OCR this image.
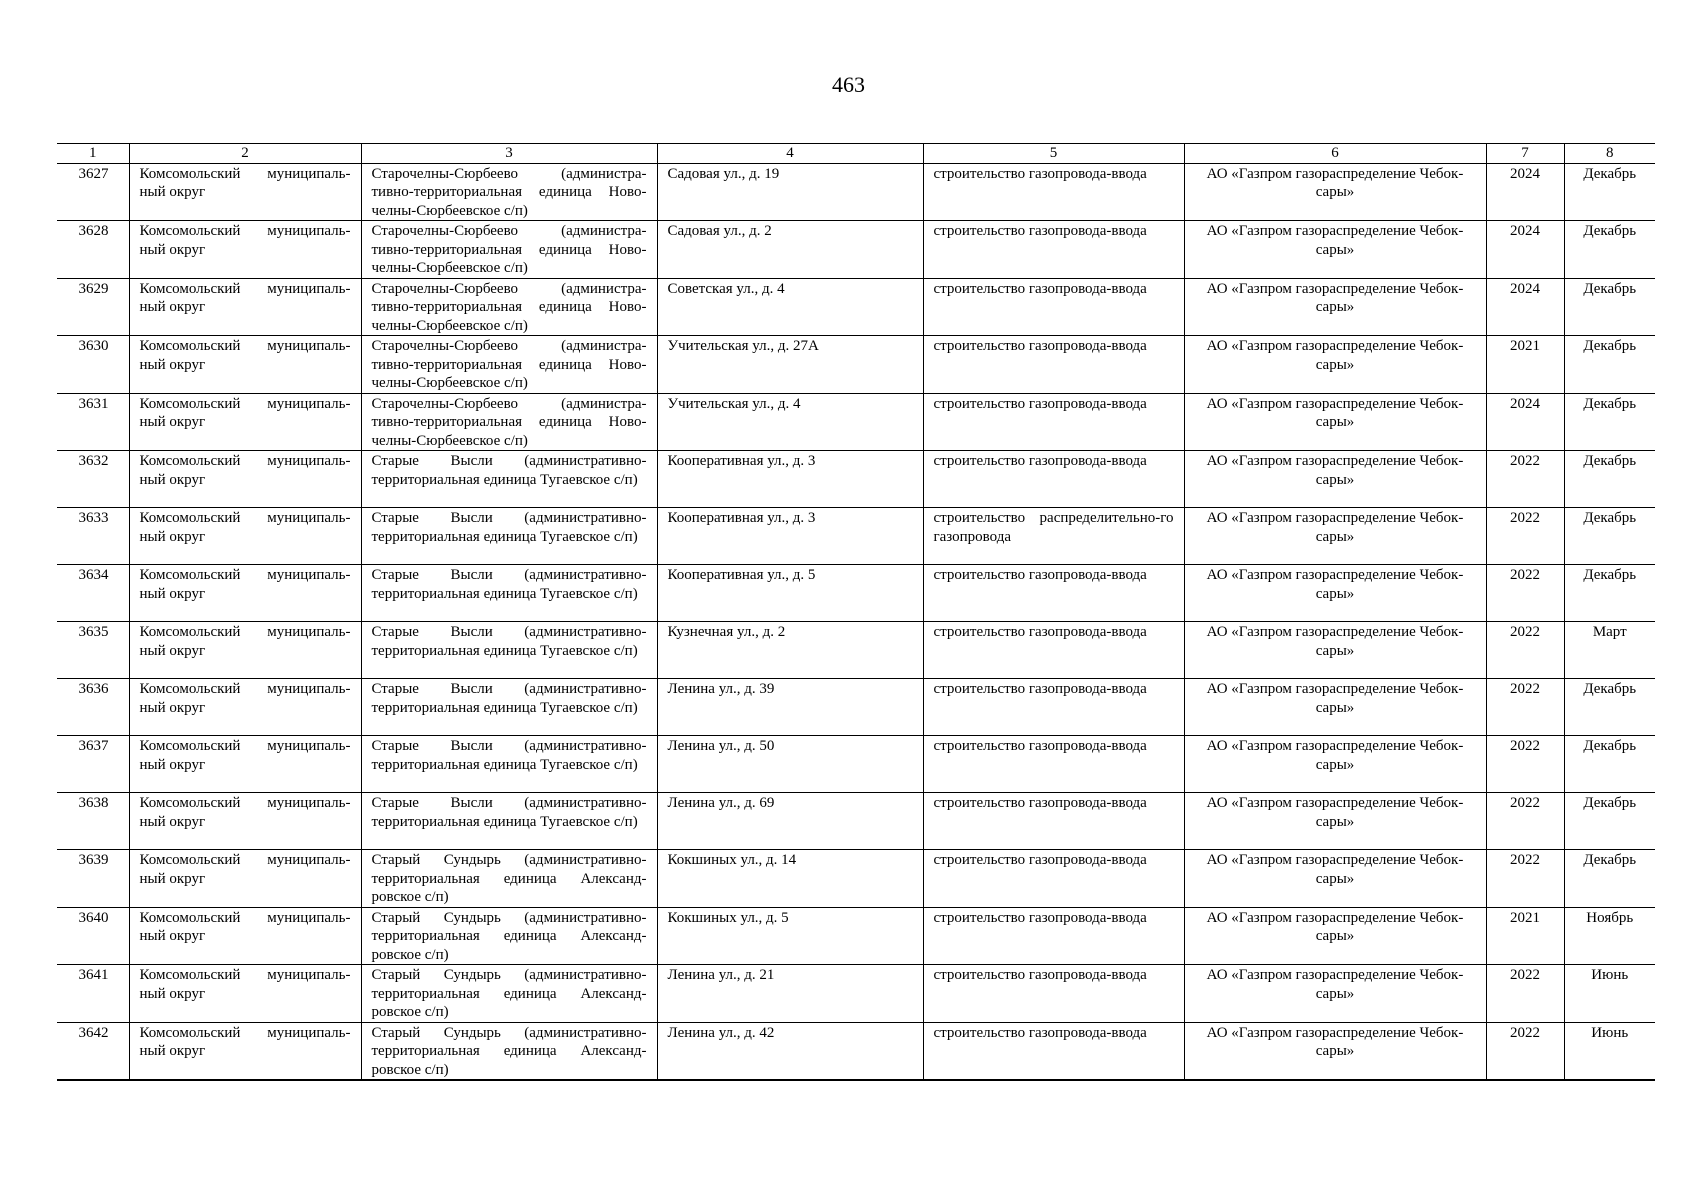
463
1	2	3	4	5	6	7	8
3627	Комсомольский муниципаль-ный округ	Старочелны-Сюрбеево (администра-тивно-территориальная единица Ново-челны-Сюрбеевское с/п)	Садовая ул., д. 19	строительство газопровода-ввода	АО «Газпром газораспределение Чебок-сары»	2024	Декабрь
3628	Комсомольский муниципаль-ный округ	Старочелны-Сюрбеево (администра-тивно-территориальная единица Ново-челны-Сюрбеевское с/п)	Садовая ул., д. 2	строительство газопровода-ввода	АО «Газпром газораспределение Чебок-сары»	2024	Декабрь
3629	Комсомольский муниципаль-ный округ	Старочелны-Сюрбеево (администра-тивно-территориальная единица Ново-челны-Сюрбеевское с/п)	Советская ул., д. 4	строительство газопровода-ввода	АО «Газпром газораспределение Чебок-сары»	2024	Декабрь
3630	Комсомольский муниципаль-ный округ	Старочелны-Сюрбеево (администра-тивно-территориальная единица Ново-челны-Сюрбеевское с/п)	Учительская ул., д. 27А	строительство газопровода-ввода	АО «Газпром газораспределение Чебок-сары»	2021	Декабрь
3631	Комсомольский муниципаль-ный округ	Старочелны-Сюрбеево (администра-тивно-территориальная единица Ново-челны-Сюрбеевское с/п)	Учительская ул., д. 4	строительство газопровода-ввода	АО «Газпром газораспределение Чебок-сары»	2024	Декабрь
3632	Комсомольский муниципаль-ный округ	Старые Высли (административно-территориальная единица Тугаевское с/п)	Кооперативная ул., д. 3	строительство газопровода-ввода	АО «Газпром газораспределение Чебок-сары»	2022	Декабрь
3633	Комсомольский муниципаль-ный округ	Старые Высли (административно-территориальная единица Тугаевское с/п)	Кооперативная ул., д. 3	строительство распределительно-го газопровода	АО «Газпром газораспределение Чебок-сары»	2022	Декабрь
3634	Комсомольский муниципаль-ный округ	Старые Высли (административно-территориальная единица Тугаевское с/п)	Кооперативная ул., д. 5	строительство газопровода-ввода	АО «Газпром газораспределение Чебок-сары»	2022	Декабрь
3635	Комсомольский муниципаль-ный округ	Старые Высли (административно-территориальная единица Тугаевское с/п)	Кузнечная ул., д. 2	строительство газопровода-ввода	АО «Газпром газораспределение Чебок-сары»	2022	Март
3636	Комсомольский муниципаль-ный округ	Старые Высли (административно-территориальная единица Тугаевское с/п)	Ленина ул., д. 39	строительство газопровода-ввода	АО «Газпром газораспределение Чебок-сары»	2022	Декабрь
3637	Комсомольский муниципаль-ный округ	Старые Высли (административно-территориальная единица Тугаевское с/п)	Ленина ул., д. 50	строительство газопровода-ввода	АО «Газпром газораспределение Чебок-сары»	2022	Декабрь
3638	Комсомольский муниципаль-ный округ	Старые Высли (административно-территориальная единица Тугаевское с/п)	Ленина ул., д. 69	строительство газопровода-ввода	АО «Газпром газораспределение Чебок-сары»	2022	Декабрь
3639	Комсомольский муниципаль-ный округ	Старый Сундырь (административно-территориальная единица Александ-ровское с/п)	Кокшиных ул., д. 14	строительство газопровода-ввода	АО «Газпром газораспределение Чебок-сары»	2022	Декабрь
3640	Комсомольский муниципаль-ный округ	Старый Сундырь (административно-территориальная единица Александ-ровское с/п)	Кокшиных ул., д. 5	строительство газопровода-ввода	АО «Газпром газораспределение Чебок-сары»	2021	Ноябрь
3641	Комсомольский муниципаль-ный округ	Старый Сундырь (административно-территориальная единица Александ-ровское с/п)	Ленина ул., д. 21	строительство газопровода-ввода	АО «Газпром газораспределение Чебок-сары»	2022	Июнь
3642	Комсомольский муниципаль-ный округ	Старый Сундырь (административно-территориальная единица Александ-ровское с/п)	Ленина ул., д. 42	строительство газопровода-ввода	АО «Газпром газораспределение Чебок-сары»	2022	Июнь
